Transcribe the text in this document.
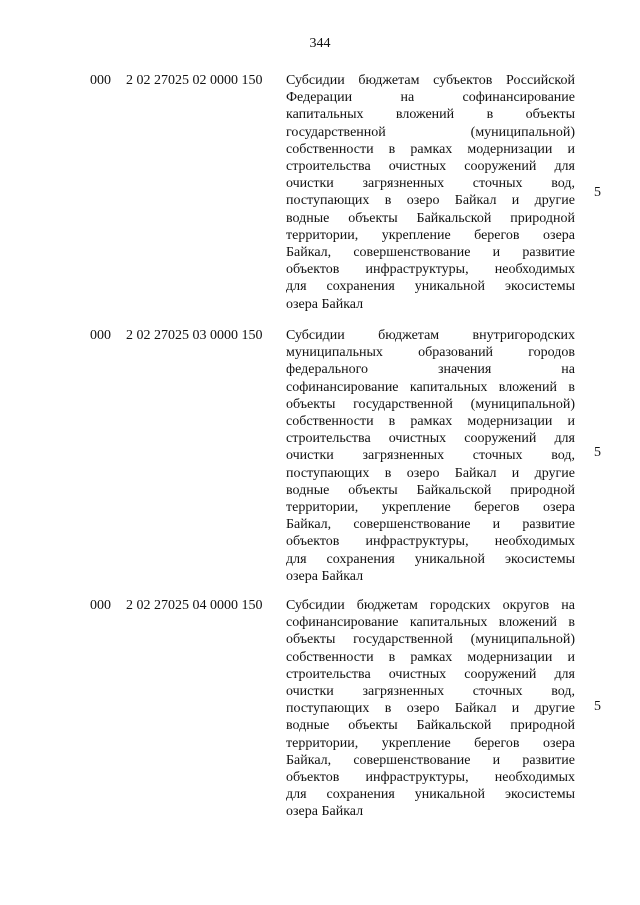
344
000 2 02 27025 02 0000 150 Субсидии бюджетам субъектов Российской
Федерации на софинансирование
капитальных вложений в объекты
государственной (муниципальной)
собственности в рамках модернизации и
строительства очистных сооружений для
очистки загрязненных сточных вод,
поступающих в озеро Байкал и другие
водные объекты Байкальской природной
территории, укрепление берегов озера
Байкал, совершенствование и развитие
объектов инфраструктуры, необходимых
для сохранения уникальной экосистемы
озера Байкал
5
000 2 02 27025 03 0000 150 Субсидии бюджетам внутригородских
муниципальных образований городов
федерального значения на
софинансирование капитальных вложений в
объекты государственной (муниципальной)
собственности в рамках модернизации и
строительства очистных сооружений для
очистки загрязненных сточных вод,
поступающих в озеро Байкал и другие
водные объекты Байкальской природной
территории, укрепление берегов озера
Байкал, совершенствование и развитие
объектов инфраструктуры, необходимых
для сохранения уникальной экосистемы
озера Байкал
5
000 2 02 27025 04 0000 150 Субсидии бюджетам городских округов на
софинансирование капитальных вложений в
объекты государственной (муниципальной)
собственности в рамках модернизации и
строительства очистных сооружений для
очистки загрязненных сточных вод,
поступающих в озеро Байкал и другие
водные объекты Байкальской природной
территории, укрепление берегов озера
Байкал, совершенствование и развитие
объектов инфраструктуры, необходимых
для сохранения уникальной экосистемы
озера Байкал
5
